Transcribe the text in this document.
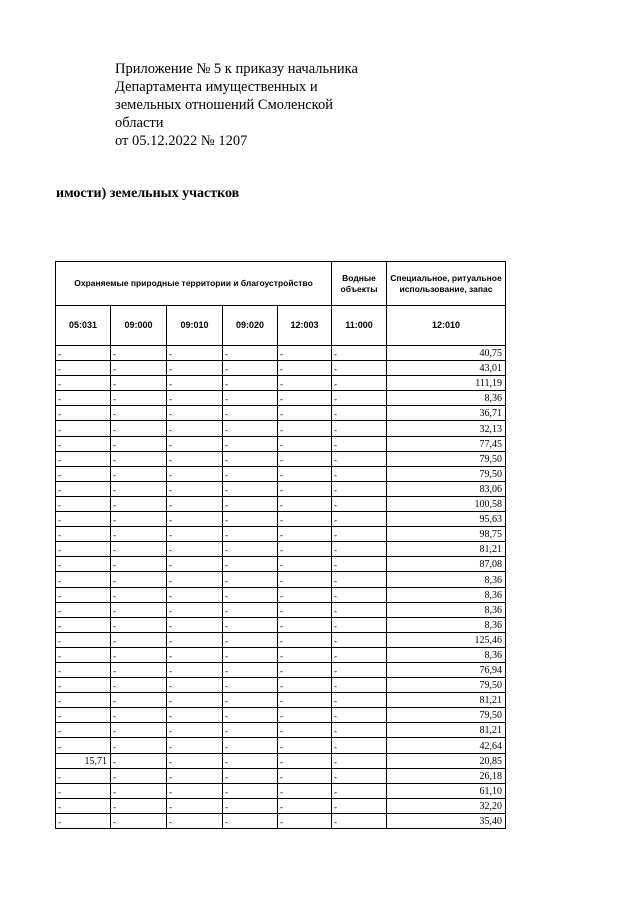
Приложение № 5 к приказу начальника
Департамента имущественных и
земельных отношений Смоленской
области
от 05.12.2022 № 1207
имости) земельных участков
Охраняемые природные территории и благоустройство					Водные объекты	Специальное, ритуальное использование, запас
05:031	09:000	09:010	09:020	12:003	11:000	12:010
-	-	-	-	-	-	40,75
-	-	-	-	-	-	43,01
-	-	-	-	-	-	111,19
-	-	-	-	-	-	8,36
-	-	-	-	-	-	36,71
-	-	-	-	-	-	32,13
-	-	-	-	-	-	77,45
-	-	-	-	-	-	79,50
-	-	-	-	-	-	79,50
-	-	-	-	-	-	83,06
-	-	-	-	-	-	100,58
-	-	-	-	-	-	95,63
-	-	-	-	-	-	98,75
-	-	-	-	-	-	81,21
-	-	-	-	-	-	87,08
-	-	-	-	-	-	8,36
-	-	-	-	-	-	8,36
-	-	-	-	-	-	8,36
-	-	-	-	-	-	8,36
-	-	-	-	-	-	125,46
-	-	-	-	-	-	8,36
-	-	-	-	-	-	76,94
-	-	-	-	-	-	79,50
-	-	-	-	-	-	81,21
-	-	-	-	-	-	79,50
-	-	-	-	-	-	81,21
-	-	-	-	-	-	42,64
15,71	-	-	-	-	-	20,85
-	-	-	-	-	-	26,18
-	-	-	-	-	-	61,10
-	-	-	-	-	-	32,20
-	-	-	-	-	-	35,40
